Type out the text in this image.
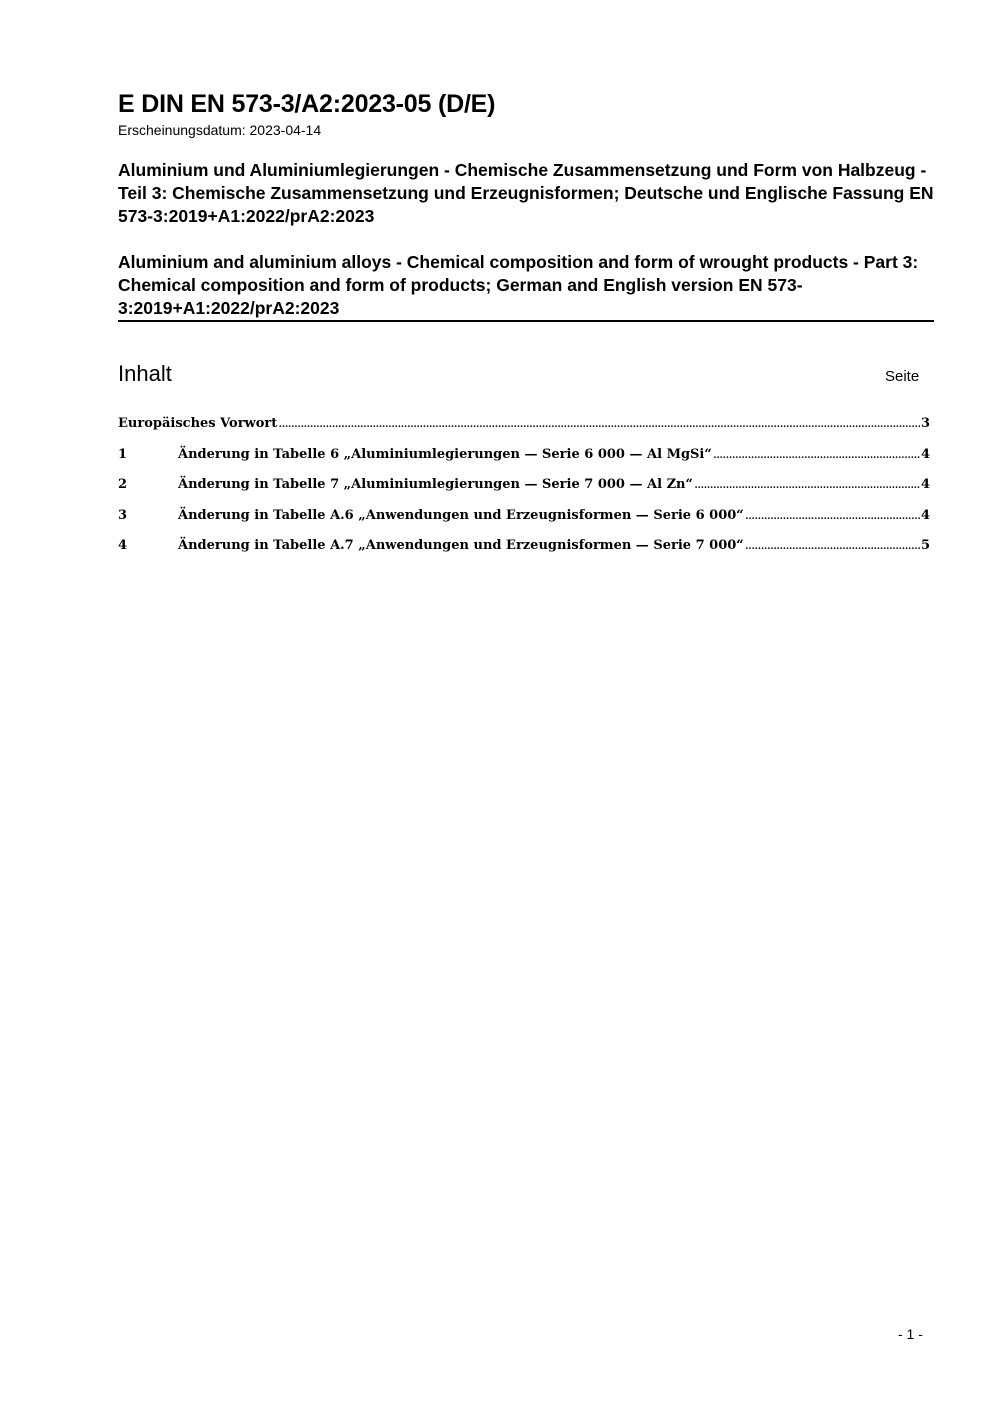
E DIN EN 573-3/A2:2023-05 (D/E)
Erscheinungsdatum: 2023-04-14
Aluminium und Aluminiumlegierungen - Chemische Zusammensetzung und Form von Halbzeug - Teil 3: Chemische Zusammensetzung und Erzeugnisformen; Deutsche und Englische Fassung EN 573-3:2019+A1:2022/prA2:2023
Aluminium and aluminium alloys - Chemical composition and form of wrought products - Part 3: Chemical composition and form of products; German and English version EN 573-3:2019+A1:2022/prA2:2023
Inhalt	Seite
Europäisches Vorwort .....	3
1	Änderung in Tabelle 6 „Aluminiumlegierungen — Serie 6 000 — Al MgSi“ .....	4
2	Änderung in Tabelle 7 „Aluminiumlegierungen — Serie 7 000 — Al Zn“ .....	4
3	Änderung in Tabelle A.6 „Anwendungen und Erzeugnisformen — Serie 6 000“ .....	4
4	Änderung in Tabelle A.7 „Anwendungen und Erzeugnisformen — Serie 7 000“ .....	5
- 1 -
